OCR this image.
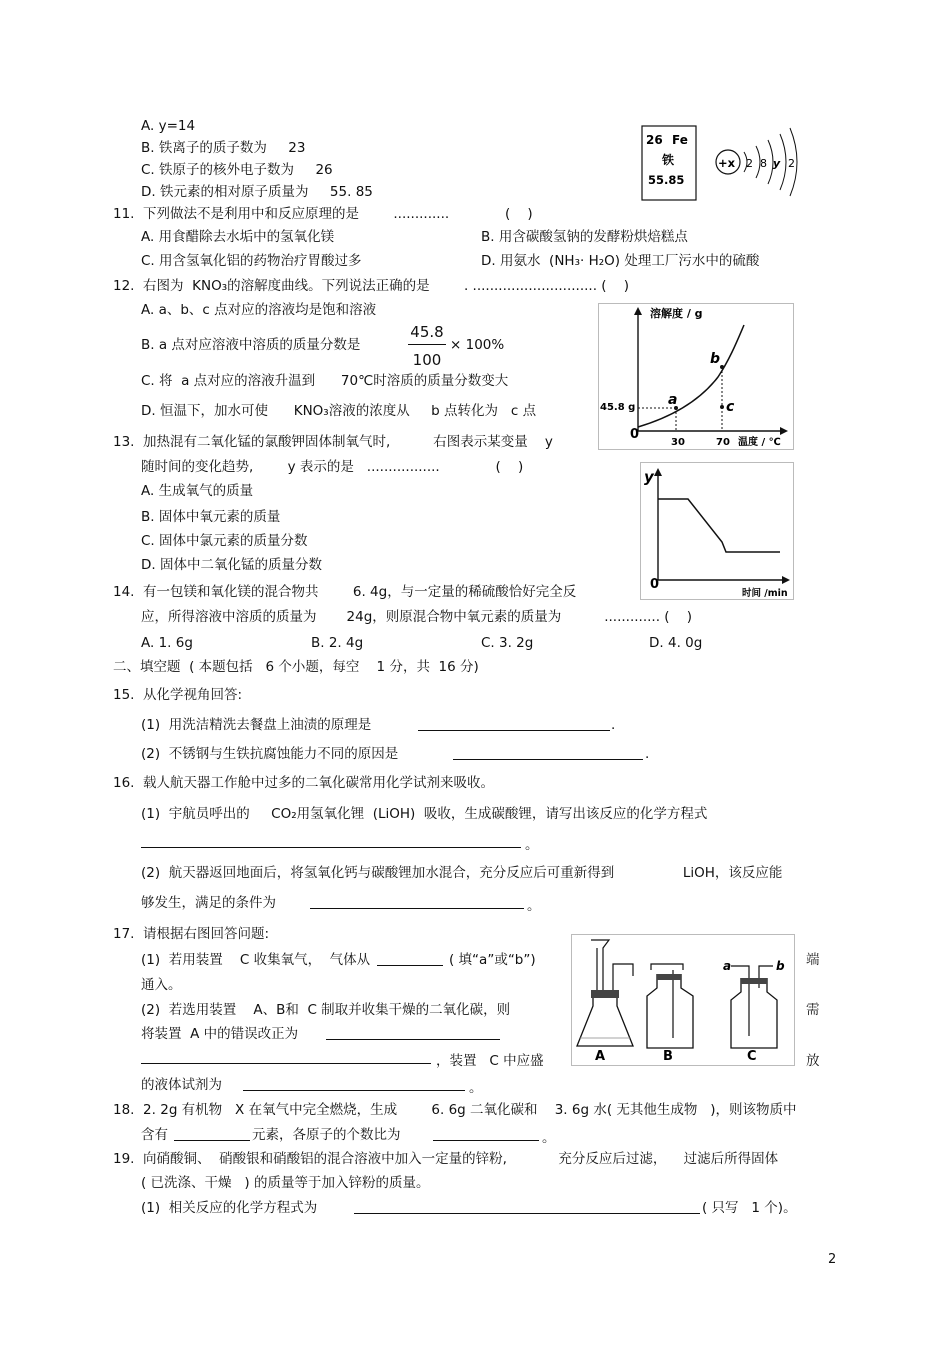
A. y=14
B. 铁离子的质子数为     23
C. 铁原子的核外电子数为     26
D. 铁元素的相对原子质量为     55. 85
26 Fe
铁
55.85
+x 2 8 y 2
11.  下列做法不是利用中和反应原理的是        .............             (    )
A. 用食醋除去水垢中的氢氧化镁	B. 用含碳酸氢钠的发酵粉烘焙糕点
C. 用含氢氧化铝的药物治疗胃酸过多	D. 用氨水  (NH₃· H₂O) 处理工厂污水中的硫酸
12.  右图为  KNO₃的溶解度曲线。下列说法正确的是        . ............................. (    )
A. a、b、c 点对应的溶液均是饱和溶液
B. a 点对应溶液中溶质的质量分数是
45.8
100
× 100%
C. 将  a 点对应的溶液升温到      70℃时溶质的质量分数变大
D. 恒温下，加水可使      KNO₃溶液的浓度从     b 点转化为   c 点
溶解度 / g
温度 / ℃
0
45.8 g
30	70
a
b
c
13.  加热混有二氧化锰的氯酸钾固体制氧气时,          右图表示某变量    y
随时间的变化趋势,        y 表示的是   .................             (    )
A. 生成氧气的质量
B. 固体中氧元素的质量
C. 固体中氯元素的质量分数
D. 固体中二氧化锰的质量分数
y
0
时间 /min
14.  有一包镁和氧化镁的混合物共        6. 4g，与一定量的稀硫酸恰好完全反
应，所得溶液中溶质的质量为       24g，则原混合物中氧元素的质量为          ............. (    )
A. 1. 6g	B. 2. 4g	C. 3. 2g	D. 4. 0g
二、填空题  ( 本题包括   6 个小题，每空    1 分，共  16 分)
15.  从化学视角回答:
(1)  用洗洁精洗去餐盘上油渍的原理是	.
(2)  不锈钢与生铁抗腐蚀能力不同的原因是	.
16.  载人航天器工作舱中过多的二氧化碳常用化学试剂来吸收。
(1)  宇航员呼出的     CO₂用氢氧化锂  (LiOH)  吸收，生成碳酸锂，请写出该反应的化学方程式
。
(2)  航天器返回地面后，将氢氧化钙与碳酸锂加水混合，充分反应后可重新得到                LiOH，该反应能
够发生，满足的条件为	。
17.  请根据右图回答问题:
(1)  若用装置    C 收集氧气，  气体从	( 填“a”或“b”)	端
通入。
(2)  若选用装置    A、B和  C 制取并收集干燥的二氧化碳，则	需
将装置  A 中的错误改正为
，装置   C 中应盛	放
的液体试剂为	。
A	B
a	b
C
18.  2. 2g 有机物   X 在氧气中完全燃烧，生成        6. 6g 二氧化碳和    3. 6g 水( 无其他生成物   )，则该物质中
含有	元素，各原子的个数比为	。
19.  向硝酸铜、  硝酸银和硝酸铝的混合溶液中加入一定量的锌粉,            充分反应后过滤，    过滤后所得固体
( 已洗涤、干燥   ) 的质量等于加入锌粉的质量。
(1)  相关反应的化学方程式为	( 只写   1 个)。
2
